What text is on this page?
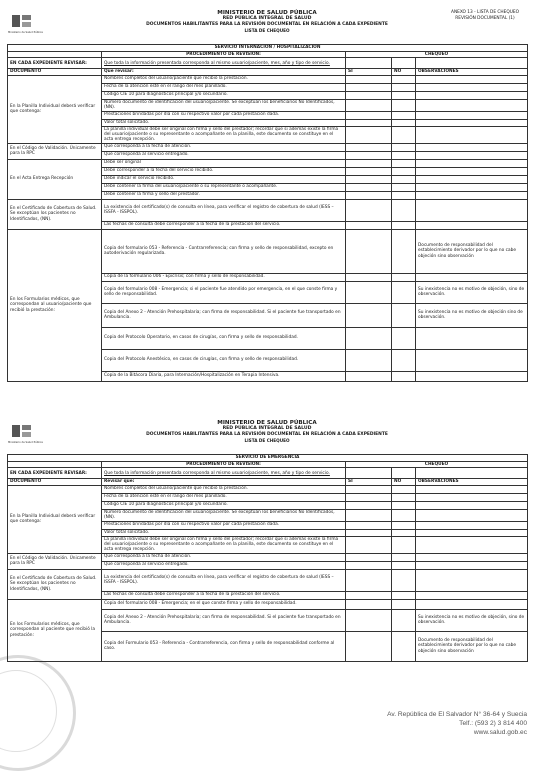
Ministerio de Salud Pública
MINISTERIO DE SALUD PÚBLICA
RED PÚBLICA INTEGRAL DE SALUD
DOCUMENTOS HABILITANTES PARA LA REVISIÓN DOCUMENTAL EN RELACIÓN A CADA EXPEDIENTE
LISTA DE CHEQUEO
ANEXO 13 - LISTA DE CHEQUEO
REVISIÓN DOCUMENTAL (1)
SERVICIO INTERNACIÓN / HOSPITALIZACIÓN				
	PROCEDIMIENTO DE REVISIÓN:	CHEQUEO		
EN CADA EXPEDIENTE REVISAR:	Que toda la información presentada corresponda al mismo usuario/paciente, mes, año y tipo de servicio.			
DOCUMENTO	Que revisar:	SI	NO	OBSERVACIONES
En la Planilla Individual deberá verificar que contenga:	Nombres completos del usuario/paciente que recibió la prestación.			
	Fecha de la atención esté en el rango del mes planillado.			
	Código CIE 10 para diagnósticos principal y/o secundario.			
	Número documento de identificación del usuario/paciente. Se exceptúan los beneficiarios No Identificados, (NN).			
	Prestaciones brindadas por día con su respectivo valor por cada prestación dada.			
	Valor total solicitado.			
	La planilla individual debe ser original con firma y sello del prestador; recordar que si además existe la firma del usuario/paciente o su representante o acompañante en la planilla, este documento se constituye en el acta entrega recepción.			
En el Código de Validación. Únicamente para la RPC	Que corresponda a la fecha de atención.			
	Que corresponda al servicio entregado.			
En el Acta Entrega Recepción	Debe ser original			
	Debe corresponder a la fecha del servicio recibido.			
	Debe indicar el servicio recibido.			
	Debe contener la firma del usuario/paciente o su representante o acompañante.			
	Debe contener la firma y sello del prestador.			
En el Certificado de Cobertura de Salud. Se exceptúan los pacientes no Identificados, (NN).	La existencia del certificado(s) de consulta en línea, para verificar el registro de cobertura de salud (IESS – ISSFA - ISSPOL).			
	Las fechas de consulta debe corresponder a la fecha de la prestación del servicio.			
En los Formularios médicos, que correspondan al usuario/paciente que recibió la prestación:	Copia del formulario 053 - Referencia - Contrarreferencia; con firma y sello de responsabilidad, excepto en autoderivación regularizada.			Documento de responsabilidad del establecimiento derivador por lo que no cabe objeción sino observación
	Copia de la formulario 006 - Epicrisis; con firma y sello de responsabilidad.			
	Copia del formulario 008 - Emergencia; si el paciente fue atendido por emergencia, en el que conste firma y sello de responsabilidad.			Su inexistencia no es motivo de objeción, sino de observación.
	Copia del Anexo 2 - Atención Prehospitalaria; con firma de responsabilidad. Si el paciente fue transportado en Ambulancia.			Su inexistencia no es motivo de objeción sino de observación.
	Copia del Protocolo Operatorio, en casos de cirugías, con firma y sello de responsabilidad.			
	Copia del Protocolo Anestésico, en casos de cirugías, con firma y sello de responsabilidad.			
	Copia de la Bitácora Diaria, para Internación/Hospitalización en Terapia Intensiva.			
Ministerio de Salud Pública
MINISTERIO DE SALUD PÚBLICA
RED PÚBLICA INTEGRAL DE SALUD
DOCUMENTOS HABILITANTES PARA LA REVISIÓN DOCUMENTAL EN RELACIÓN A CADA EXPEDIENTE
LISTA DE CHEQUEO
SERVICIO DE EMERGENCIA				
	PROCEDIMIENTO DE REVISIÓN:	CHEQUEO		
EN CADA EXPEDIENTE REVISAR:	Que toda la información presentada corresponda al mismo usuario/paciente, mes, año y tipo de servicio.			
DOCUMENTO	Revisar que:	SI	NO	OBSERVACIONES
En la Planilla Individual deberá verificar que contenga:	Nombres completos del usuario/paciente que recibió la prestación.			
	Fecha de la atención esté en el rango del mes planillado.			
	Código CIE 10 para diagnósticos principal y/o secundario.			
	Número documento de identificación del usuario/paciente. Se exceptúan los beneficiarios No Identificados, (NN).			
	Prestaciones brindadas por día con su respectivo valor por cada prestación dada.			
	Valor total solicitado.			
	La planilla individual debe ser original con firma y sello del prestador; recordar que si además existe la firma del usuario/paciente o su representante o acompañante en la planilla, este documento se constituye en el acta entrega recepción.			
En el Código de Validación. Únicamente para la RPC	Que corresponda a la fecha de atención.			
	Que corresponda al servicio entregado.			
En el Certificado de Cobertura de Salud. Se exceptúan los pacientes no Identificados, (NN).	La existencia del certificado(s) de consulta en línea, para verificar el registro de cobertura de salud (IESS – ISSFA - ISSPOL).			
	Las fechas de consulta debe corresponder a la fecha de la prestación del servicio.			
En los Formularios médicos, que correspondan al paciente que recibió la prestación:	Copia del formulario 008 - Emergencia; en el que conste firma y sello de responsabilidad.			
	Copia del Anexo 2 - Atención Prehospitalaria; con firma de responsabilidad. Si el paciente fue transportado en Ambulancia.			Su inexistencia no es motivo de objeción, sino de observación.
	Copia del Formulario 053 - Referencia - Contrarreferencia, con firma y sello de responsabilidad conforme al caso.			Documento de responsabilidad del establecimiento derivador por lo que no cabe objeción sino observación
Av. República de El Salvador N° 36-64 y Suecia
Telf.: (593 2) 3 814 400
www.salud.gob.ec
